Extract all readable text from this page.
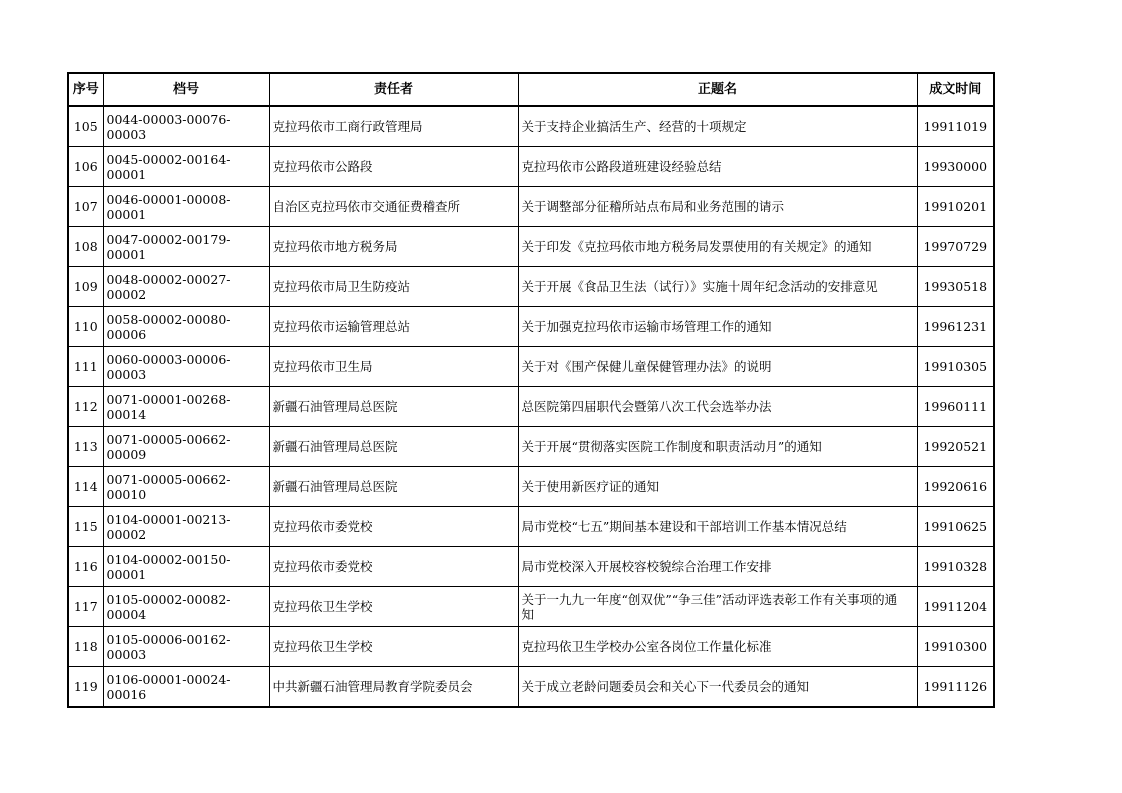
序号	档号	责任者	正题名	成文时间
105	0044-00003-00076-00003	克拉玛依市工商行政管理局	关于支持企业搞活生产、经营的十项规定	19911019
106	0045-00002-00164-00001	克拉玛依市公路段	克拉玛依市公路段道班建设经验总结	19930000
107	0046-00001-00008-00001	自治区克拉玛依市交通征费稽查所	关于调整部分征稽所站点布局和业务范围的请示	19910201
108	0047-00002-00179-00001	克拉玛依市地方税务局	关于印发《克拉玛依市地方税务局发票使用的有关规定》的通知	19970729
109	0048-00002-00027-00002	克拉玛依市局卫生防疫站	关于开展《食品卫生法（试行）》实施十周年纪念活动的安排意见	19930518
110	0058-00002-00080-00006	克拉玛依市运输管理总站	关于加强克拉玛依市运输市场管理工作的通知	19961231
111	0060-00003-00006-00003	克拉玛依市卫生局	关于对《围产保健儿童保健管理办法》的说明	19910305
112	0071-00001-00268-00014	新疆石油管理局总医院	总医院第四届职代会暨第八次工代会选举办法	19960111
113	0071-00005-00662-00009	新疆石油管理局总医院	关于开展“贯彻落实医院工作制度和职责活动月”的通知	19920521
114	0071-00005-00662-00010	新疆石油管理局总医院	关于使用新医疗证的通知	19920616
115	0104-00001-00213-00002	克拉玛依市委党校	局市党校“七五”期间基本建设和干部培训工作基本情况总结	19910625
116	0104-00002-00150-00001	克拉玛依市委党校	局市党校深入开展校容校貌综合治理工作安排	19910328
117	0105-00002-00082-00004	克拉玛依卫生学校	关于一九九一年度“创双优”“争三佳”活动评选表彰工作有关事项的通知	19911204
118	0105-00006-00162-00003	克拉玛依卫生学校	克拉玛依卫生学校办公室各岗位工作量化标准	19910300
119	0106-00001-00024-00016	中共新疆石油管理局教育学院委员会	关于成立老龄问题委员会和关心下一代委员会的通知	19911126
